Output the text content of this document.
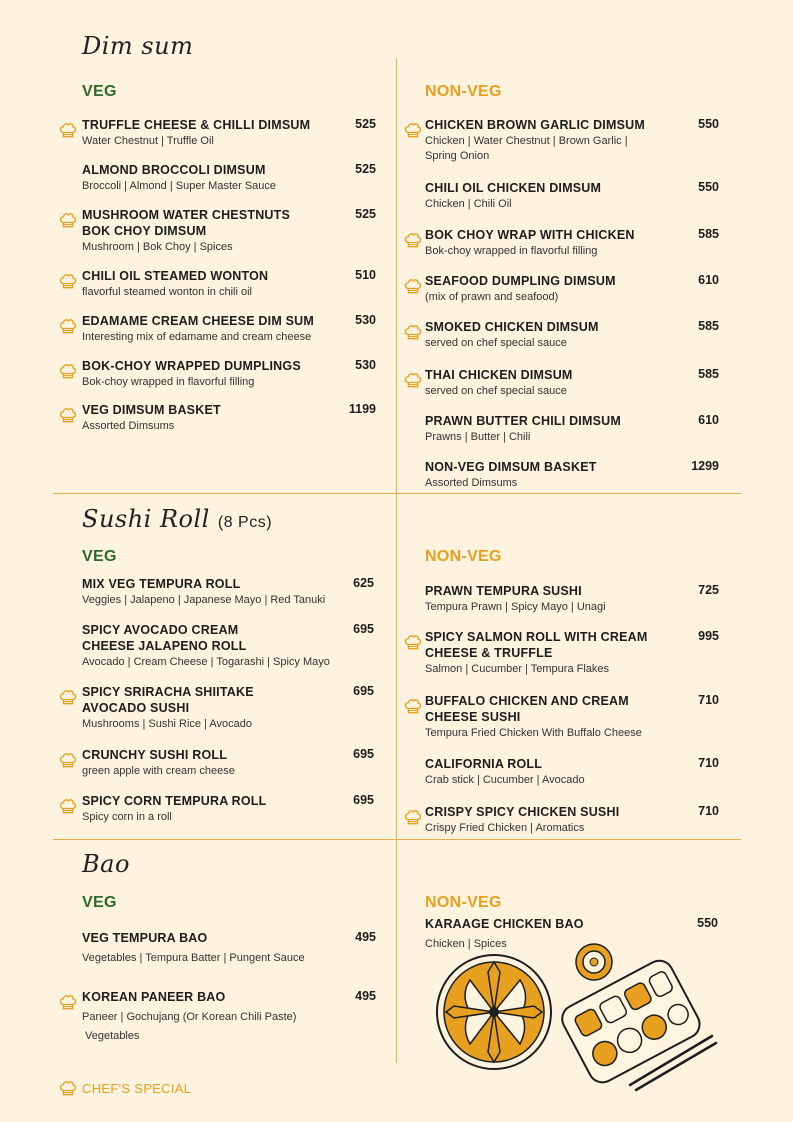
Dim sum
VEG	NON-VEG
TRUFFLE CHEESE & CHILLI DIMSUM
Water Chestnut | Truffle Oil
525
ALMOND BROCCOLI DIMSUM
Broccoli | Almond | Super Master Sauce
525
MUSHROOM WATER CHESTNUTS
BOK CHOY DIMSUM
Mushroom | Bok Choy | Spices
525
CHILI OIL STEAMED WONTON
flavorful steamed wonton in chili oil
510
EDAMAME CREAM CHEESE DIM SUM
Interesting mix of edamame and cream cheese
530
BOK-CHOY WRAPPED DUMPLINGS
Bok-choy wrapped in flavorful filling
530
VEG DIMSUM BASKET
Assorted Dimsums
1199
CHICKEN BROWN GARLIC DIMSUM
Chicken | Water Chestnut | Brown Garlic |
Spring Onion
550
CHILI OIL CHICKEN DIMSUM
Chicken | Chili Oil
550
BOK CHOY WRAP WITH CHICKEN
Bok-choy wrapped in flavorful filling
585
SEAFOOD DUMPLING DIMSUM
(mix of prawn and seafood)
610
SMOKED CHICKEN DIMSUM
served on chef special sauce
585
THAI CHICKEN DIMSUM
served on chef special sauce
585
PRAWN BUTTER CHILI DIMSUM
Prawns | Butter | Chili
610
NON-VEG DIMSUM BASKET
Assorted Dimsums
1299
Sushi Roll (8 Pcs)
VEG	NON-VEG
MIX VEG TEMPURA ROLL
Veggies | Jalapeno | Japanese Mayo | Red Tanuki
625
SPICY AVOCADO CREAM
CHEESE JALAPENO ROLL
Avocado | Cream Cheese | Togarashi | Spicy Mayo
695
SPICY SRIRACHA SHIITAKE
AVOCADO SUSHI
Mushrooms | Sushi Rice | Avocado
695
CRUNCHY SUSHI ROLL
green apple with cream cheese
695
SPICY CORN TEMPURA ROLL
Spicy corn in a roll
695
PRAWN TEMPURA SUSHI
Tempura Prawn | Spicy Mayo | Unagi
725
SPICY SALMON ROLL WITH CREAM
CHEESE & TRUFFLE
Salmon | Cucumber | Tempura Flakes
995
BUFFALO CHICKEN AND CREAM
CHEESE SUSHI
Tempura Fried Chicken With Buffalo Cheese
710
CALIFORNIA ROLL
Crab stick | Cucumber | Avocado
710
CRISPY SPICY CHICKEN SUSHI
Crispy Fried Chicken | Aromatics
710
Bao
VEG	NON-VEG
VEG TEMPURA BAO
Vegetables | Tempura Batter | Pungent Sauce
495
KOREAN PANEER BAO
Paneer | Gochujang (Or Korean Chili Paste)
Vegetables
495
KARAAGE CHICKEN BAO
Chicken | Spices
550
CHEF'S SPECIAL
